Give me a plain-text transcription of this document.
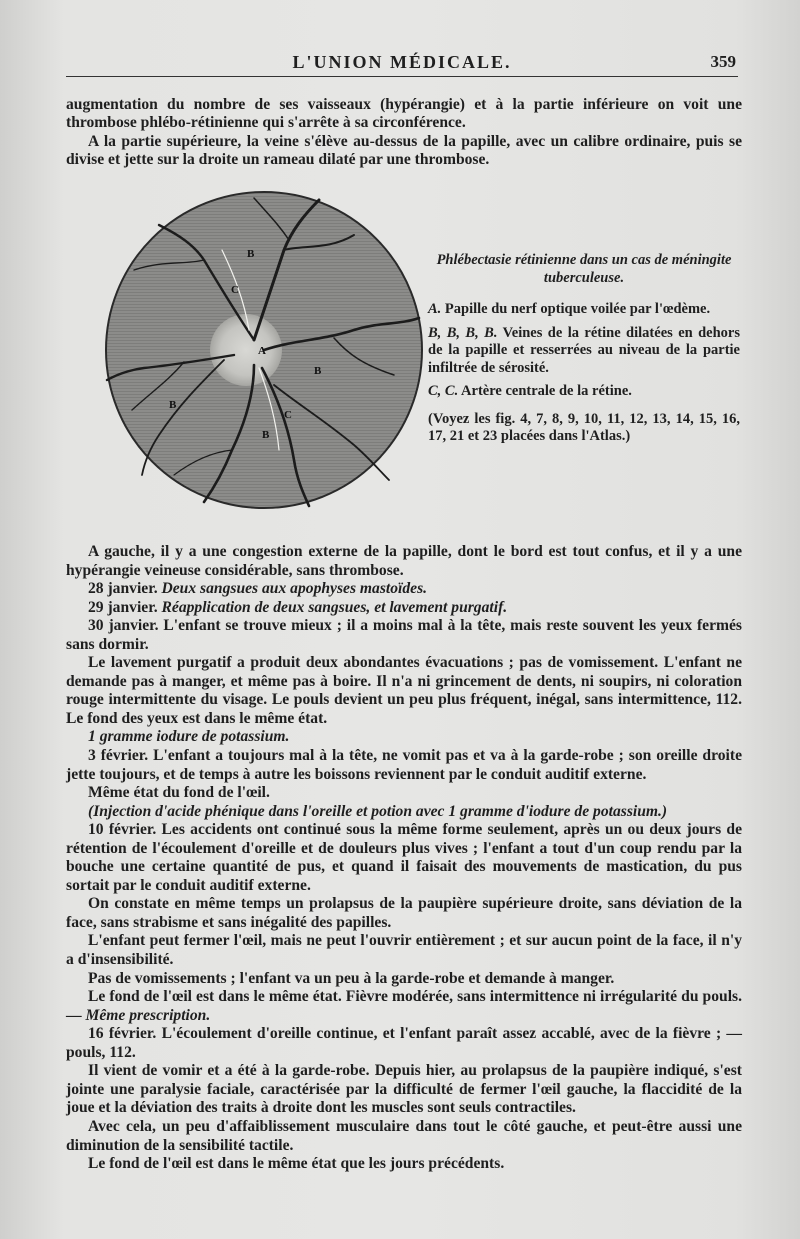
L'UNION MÉDICALE.	359

augmentation du nombre de ses vaisseaux (hypérangie) et à la partie inférieure on voit une thrombose phlébo-rétinienne qui s'arrête à sa circonférence.

A la partie supérieure, la veine s'élève au-dessus de la papille, avec un calibre ordinaire, puis se divise et jette sur la droite un rameau dilaté par une thrombose.

B
C
A
B
B
C
B
Phlébectasie rétinienne dans un cas de méningite tuberculeuse.

A. Papille du nerf optique voilée par l'œdème.

B, B, B, B. Veines de la rétine dilatées en dehors de la papille et resserrées au niveau de la partie infiltrée de sérosité.

C, C. Artère centrale de la rétine.

(Voyez les fig. 4, 7, 8, 9, 10, 11, 12, 13, 14, 15, 16, 17, 21 et 23 placées dans l'Atlas.)

A gauche, il y a une congestion externe de la papille, dont le bord est tout confus, et il y a une hypérangie veineuse considérable, sans thrombose.

28 janvier. Deux sangsues aux apophyses mastoïdes.

29 janvier. Réapplication de deux sangsues, et lavement purgatif.

30 janvier. L'enfant se trouve mieux ; il a moins mal à la tête, mais reste souvent les yeux fermés sans dormir.

Le lavement purgatif a produit deux abondantes évacuations ; pas de vomissement. L'enfant ne demande pas à manger, et même pas à boire. Il n'a ni grincement de dents, ni soupirs, ni coloration rouge intermittente du visage. Le pouls devient un peu plus fréquent, inégal, sans intermittence, 112. Le fond des yeux est dans le même état.

1 gramme iodure de potassium.

3 février. L'enfant a toujours mal à la tête, ne vomit pas et va à la garde-robe ; son oreille droite jette toujours, et de temps à autre les boissons reviennent par le conduit auditif externe.

Même état du fond de l'œil.

(Injection d'acide phénique dans l'oreille et potion avec 1 gramme d'iodure de potassium.)

10 février. Les accidents ont continué sous la même forme seulement, après un ou deux jours de rétention de l'écoulement d'oreille et de douleurs plus vives ; l'enfant a tout d'un coup rendu par la bouche une certaine quantité de pus, et quand il faisait des mouvements de mastication, du pus sortait par le conduit auditif externe.

On constate en même temps un prolapsus de la paupière supérieure droite, sans déviation de la face, sans strabisme et sans inégalité des papilles.

L'enfant peut fermer l'œil, mais ne peut l'ouvrir entièrement ; et sur aucun point de la face, il n'y a d'insensibilité.

Pas de vomissements ; l'enfant va un peu à la garde-robe et demande à manger.

Le fond de l'œil est dans le même état. Fièvre modérée, sans intermittence ni irrégularité du pouls. — Même prescription.

16 février. L'écoulement d'oreille continue, et l'enfant paraît assez accablé, avec de la fièvre ; — pouls, 112.

Il vient de vomir et a été à la garde-robe. Depuis hier, au prolapsus de la paupière indiqué, s'est jointe une paralysie faciale, caractérisée par la difficulté de fermer l'œil gauche, la flaccidité de la joue et la déviation des traits à droite dont les muscles sont seuls contractiles.

Avec cela, un peu d'affaiblissement musculaire dans tout le côté gauche, et peut-être aussi une diminution de la sensibilité tactile.

Le fond de l'œil est dans le même état que les jours précédents.
